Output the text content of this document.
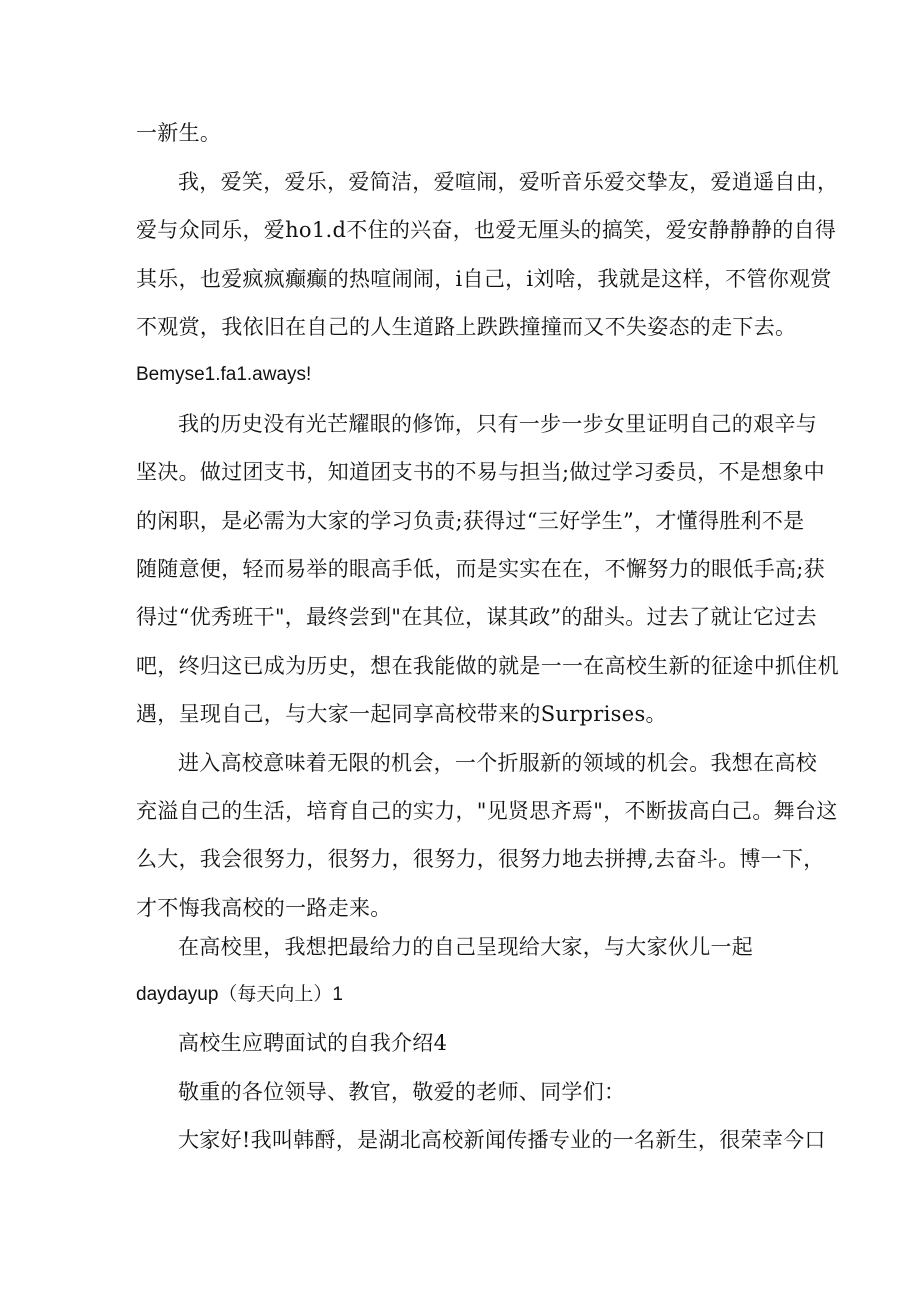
一新生。
我，爱笑，爱乐，爱简洁，爱喧闹，爱听音乐爱交挚友，爱逍遥自由，
爱与众同乐，爱ho1.d不住的兴奋，也爱无厘头的搞笑，爱安静静静的自得
其乐，也爱疯疯癫癫的热喧闹闹，i自己，i刘啥，我就是这样，不管你观赏
不观赏，我依旧在自己的人生道路上跌跌撞撞而又不失姿态的走下去。
Bemyse1.fa1.aways!
我的历史没有光芒耀眼的修饰，只有一步一步女里证明自己的艰辛与
坚决。做过团支书，知道团支书的不易与担当;做过学习委员，不是想象中
的闲职，是必需为大家的学习负责;获得过“三好学生”，才懂得胜利不是
随随意便，轻而易举的眼高手低，而是实实在在，不懈努力的眼低手高;获
得过“优秀班干"，最终尝到"在其位，谋其政”的甜头。过去了就让它过去
吧，终归这已成为历史，想在我能做的就是一一在高校生新的征途中抓住机
遇，呈现自己，与大家一起同享高校带来的Surprises。
进入高校意味着无限的机会，一个折服新的领域的机会。我想在高校
充溢自己的生活，培育自己的实力，"见贤思齐焉"，不断拔高白己。舞台这
么大，我会很努力，很努力，很努力，很努力地去拼搏,去奋斗。博一下，
才不悔我高校的一路走来。
在高校里，我想把最给力的自己呈现给大家，与大家伙儿一起
daydayup（每天向上）1
高校生应聘面试的自我介绍4
敬重的各位领导、教官，敬爱的老师、同学们：
大家好!我叫韩酹，是湖北高校新闻传播专业的一名新生，很荣幸今口
